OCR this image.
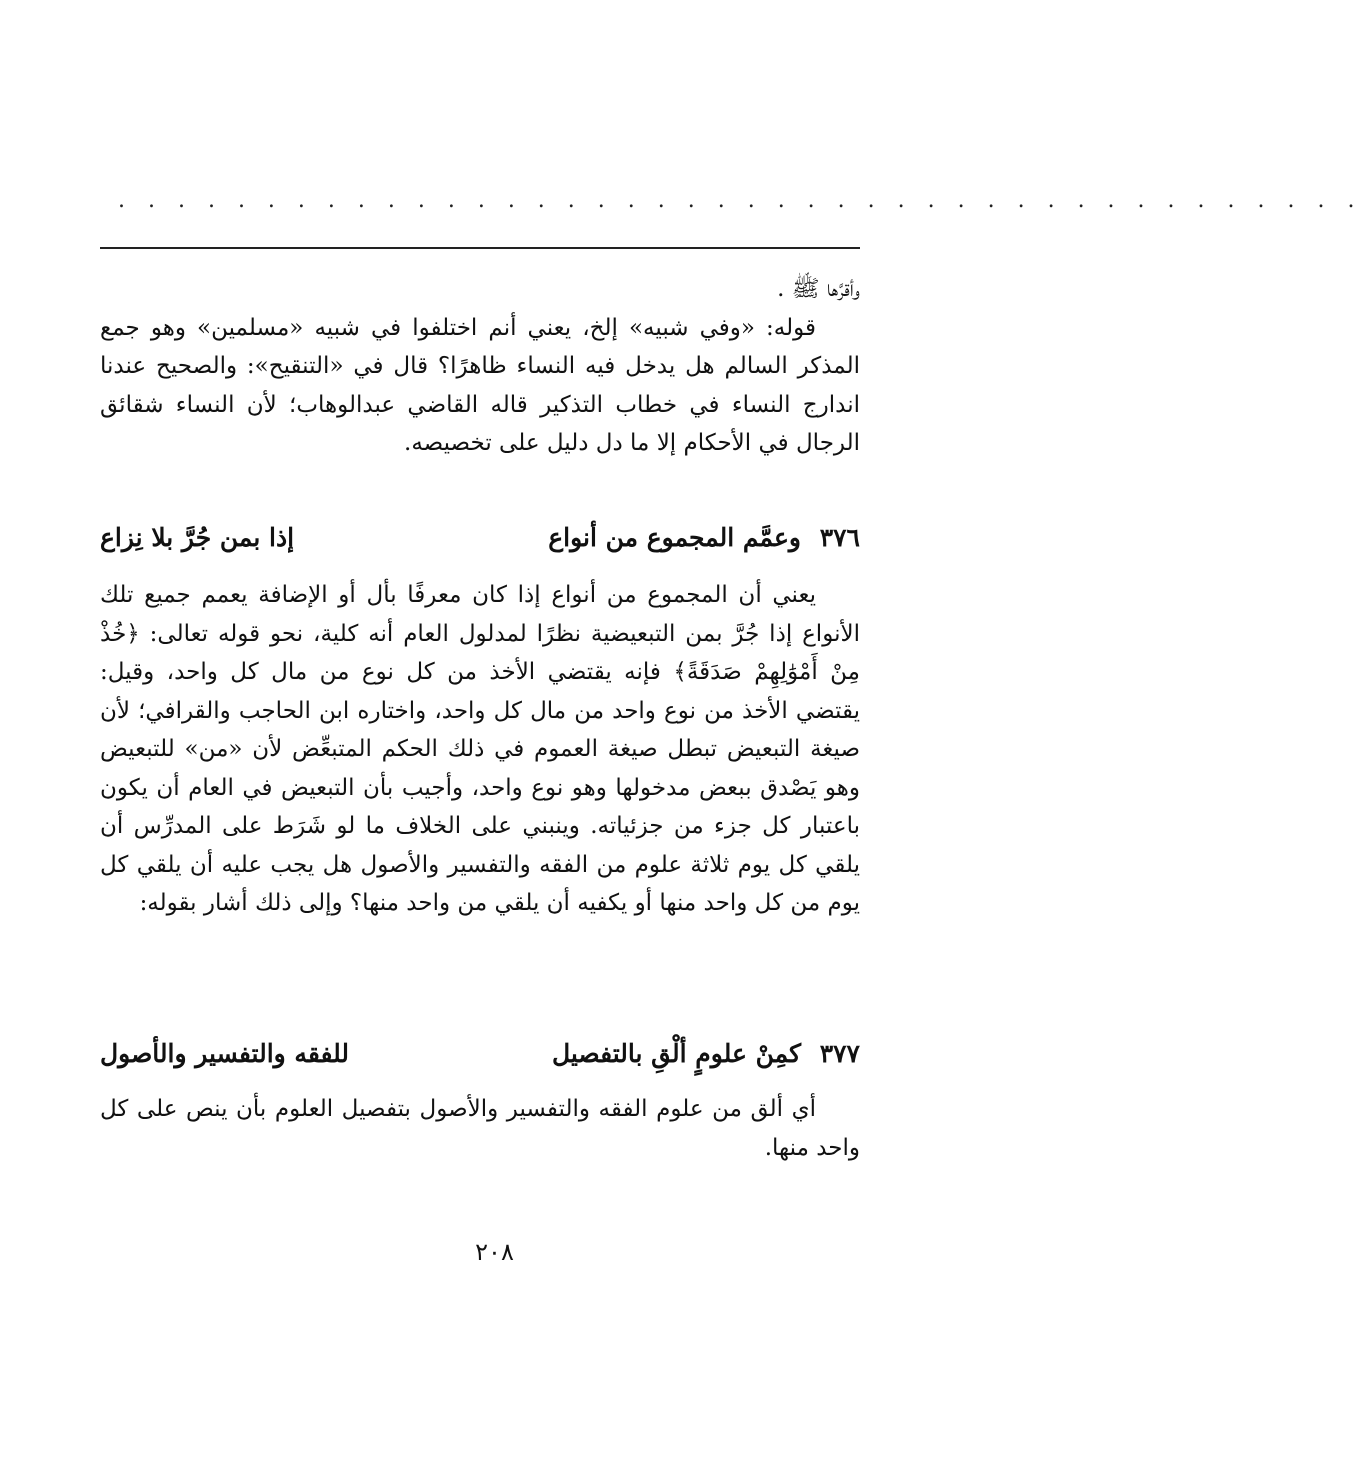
. . . . . . . . . . . . . . . . . . . . . . . . . . . . . . . . . . . . . . . . . .

وأقرَّها ﷺ .

قوله: «وفي شبيه» إلخ، يعني أنم اختلفوا في شبيه «مسلمين» وهو جمع المذكر السالم هل يدخل فيه النساء ظاهرًا؟ قال في «التنقيح»: والصحيح عندنا اندارج النساء في خطاب التذكير قاله القاضي عبدالوهاب؛ لأن النساء شقائق الرجال في الأحكام إلا ما دل دليل على تخصيصه.

٣٧٦ وعمَّم المجموع من أنواع
إذا بمن جُرَّ بلا نِزاع
يعني أن المجموع من أنواع إذا كان معرفًا بأل أو الإضافة يعمم جميع تلك الأنواع إذا جُرَّ بمن التبعيضية نظرًا لمدلول العام أنه كلية، نحو قوله تعالى: ﴿خُذْ مِنْ أَمْوَٰلِهِمْ صَدَقَةً﴾ فإنه يقتضي الأخذ من كل نوع من مال كل واحد، وقيل: يقتضي الأخذ من نوع واحد من مال كل واحد، واختاره ابن الحاجب والقرافي؛ لأن صيغة التبعيض تبطل صيغة العموم في ذلك الحكم المتبعِّض لأن «من» للتبعيض وهو يَصْدق ببعض مدخولها وهو نوع واحد، وأجيب بأن التبعيض في العام أن يكون باعتبار كل جزء من جزئياته. وينبني على الخلاف ما لو شَرَط على المدرِّس أن يلقي كل يوم ثلاثة علوم من الفقه والتفسير والأصول هل يجب عليه أن يلقي كل يوم من كل واحد منها أو يكفيه أن يلقي من واحد منها؟ وإلى ذلك أشار بقوله:
٣٧٧ كمِنْ علومٍ ألْقِ بالتفصيل
للفقه والتفسير والأصول
أي ألق من علوم الفقه والتفسير والأصول بتفصيل العلوم بأن ينص على كل واحد منها.
٢٠٨
